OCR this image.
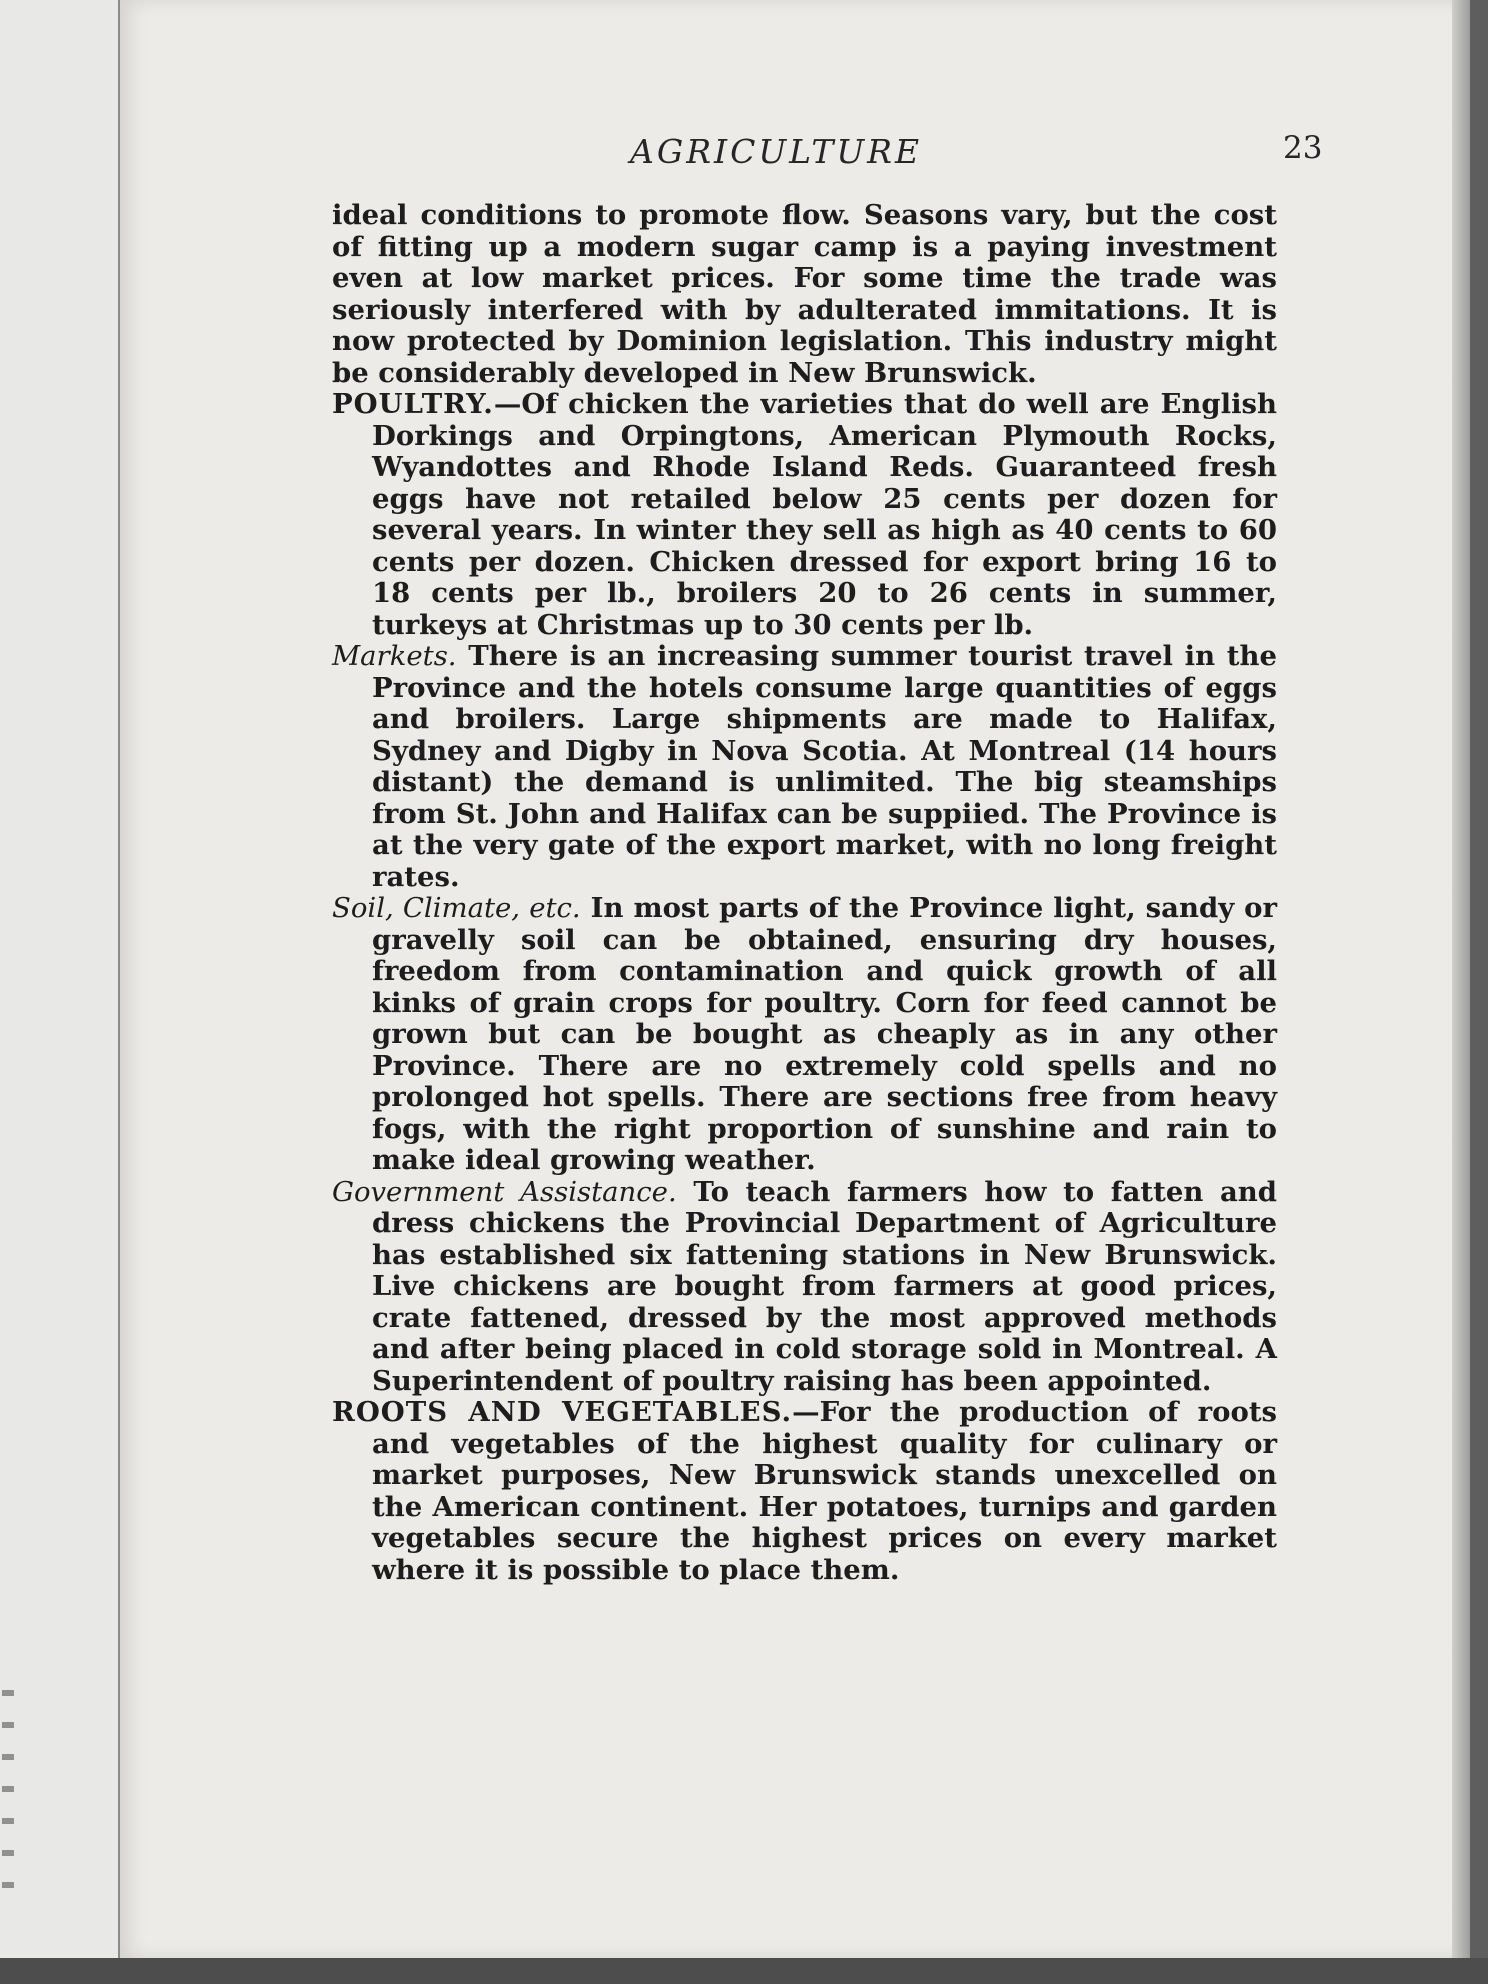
AGRICULTURE	23

ideal conditions to promote flow. Seasons vary, but the cost of fitting up a modern sugar camp is a paying investment even at low market prices. For some time the trade was seriously interfered with by adulterated immitations. It is now protected by Dominion legislation. This industry might be considerably developed in New Brunswick.

POULTRY.—Of chicken the varieties that do well are English Dorkings and Orpingtons, American Plymouth Rocks, Wyandottes and Rhode Island Reds. Guaranteed fresh eggs have not retailed below 25 cents per dozen for several years. In winter they sell as high as 40 cents to 60 cents per dozen. Chicken dressed for export bring 16 to 18 cents per lb., broilers 20 to 26 cents in summer, turkeys at Christmas up to 30 cents per lb.

Markets. There is an increasing summer tourist travel in the Province and the hotels consume large quantities of eggs and broilers. Large shipments are made to Halifax, Sydney and Digby in Nova Scotia. At Montreal (14 hours distant) the demand is unlimited. The big steamships from St. John and Halifax can be suppiied. The Province is at the very gate of the export market, with no long freight rates.

Soil, Climate, etc. In most parts of the Province light, sandy or gravelly soil can be obtained, ensuring dry houses, freedom from contamination and quick growth of all kinks of grain crops for poultry. Corn for feed cannot be grown but can be bought as cheaply as in any other Province. There are no extremely cold spells and no prolonged hot spells. There are sections free from heavy fogs, with the right proportion of sunshine and rain to make ideal growing weather.

Government Assistance. To teach farmers how to fatten and dress chickens the Provincial Department of Agriculture has established six fattening stations in New Brunswick. Live chickens are bought from farmers at good prices, crate fattened, dressed by the most approved methods and after being placed in cold storage sold in Montreal. A Superintendent of poultry raising has been appointed.

ROOTS AND VEGETABLES.—For the production of roots and vegetables of the highest quality for culinary or market purposes, New Brunswick stands unexcelled on the American continent. Her potatoes, turnips and garden vegetables secure the highest prices on every market where it is possible to place them.
